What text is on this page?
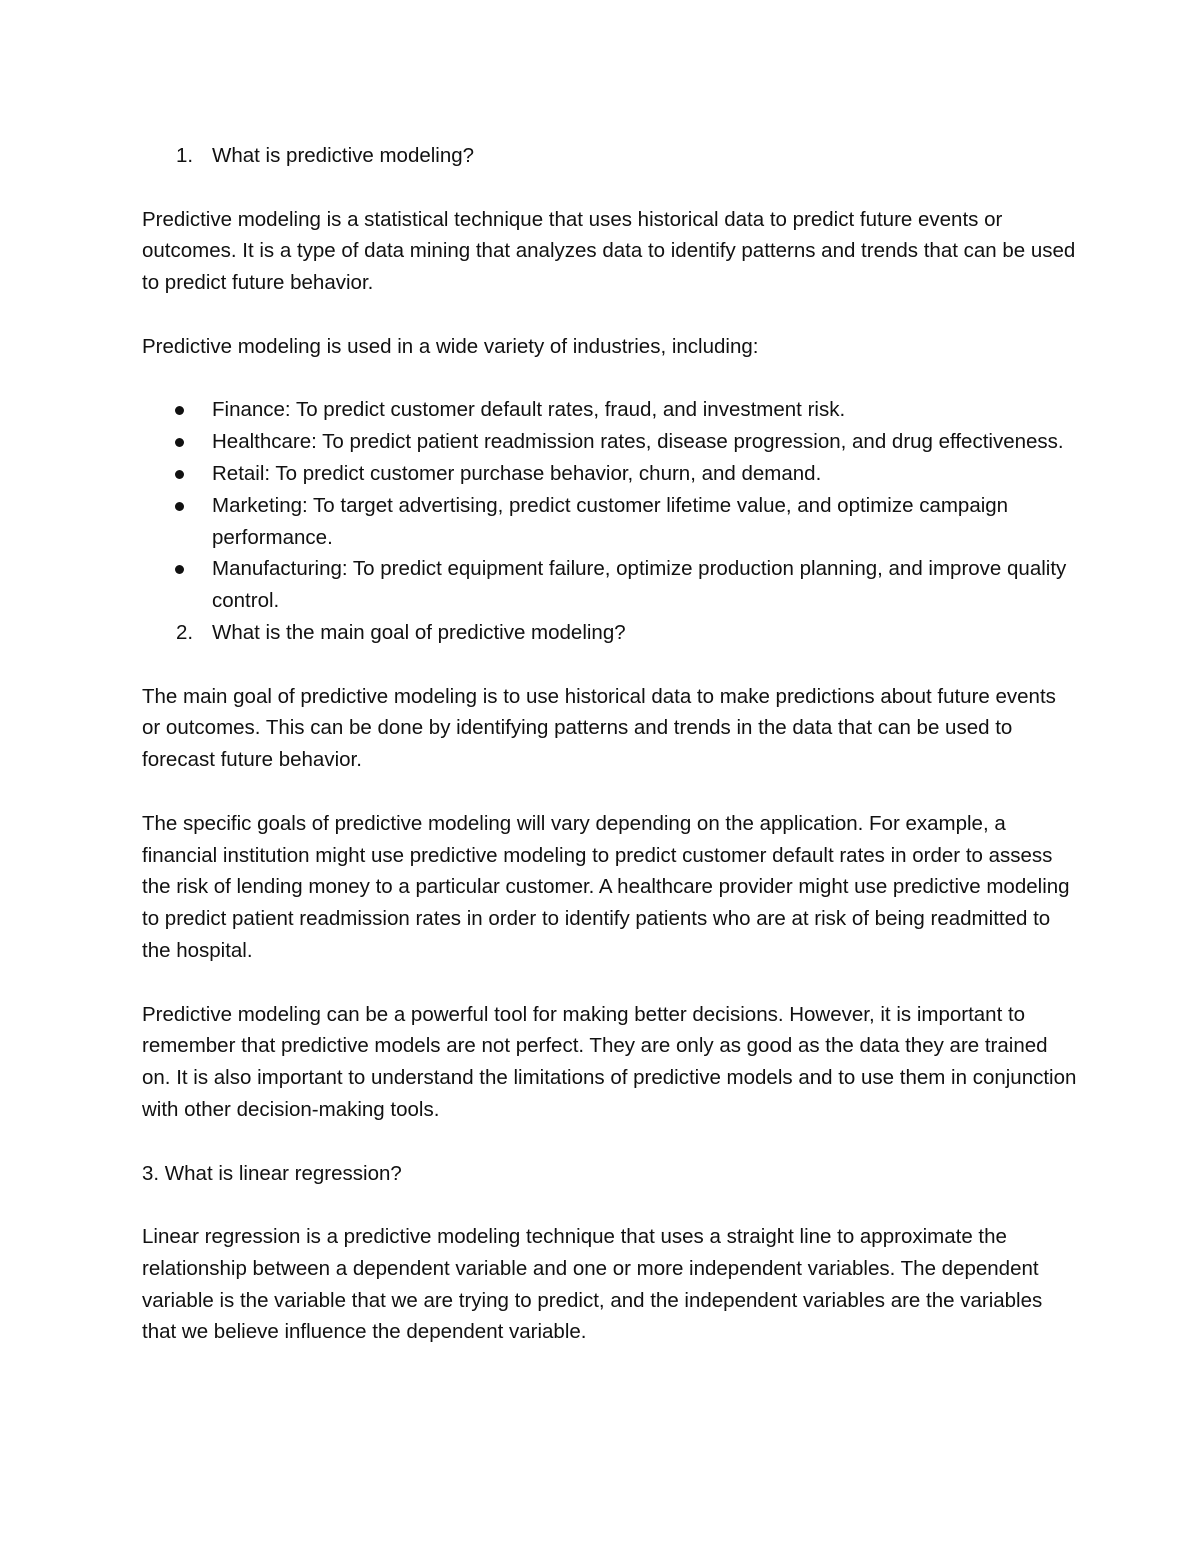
1. What is predictive modeling?

Predictive modeling is a statistical technique that uses historical data to predict future events or outcomes. It is a type of data mining that analyzes data to identify patterns and trends that can be used to predict future behavior.

Predictive modeling is used in a wide variety of industries, including:

Finance: To predict customer default rates, fraud, and investment risk.
Healthcare: To predict patient readmission rates, disease progression, and drug effectiveness.
Retail: To predict customer purchase behavior, churn, and demand.
Marketing: To target advertising, predict customer lifetime value, and optimize campaign performance.
Manufacturing: To predict equipment failure, optimize production planning, and improve quality control.
2. What is the main goal of predictive modeling?

The main goal of predictive modeling is to use historical data to make predictions about future events or outcomes. This can be done by identifying patterns and trends in the data that can be used to forecast future behavior.

The specific goals of predictive modeling will vary depending on the application. For example, a financial institution might use predictive modeling to predict customer default rates in order to assess the risk of lending money to a particular customer. A healthcare provider might use predictive modeling to predict patient readmission rates in order to identify patients who are at risk of being readmitted to the hospital.

Predictive modeling can be a powerful tool for making better decisions. However, it is important to remember that predictive models are not perfect. They are only as good as the data they are trained on. It is also important to understand the limitations of predictive models and to use them in conjunction with other decision-making tools.

3. What is linear regression?

Linear regression is a predictive modeling technique that uses a straight line to approximate the relationship between a dependent variable and one or more independent variables. The dependent variable is the variable that we are trying to predict, and the independent variables are the variables that we believe influence the dependent variable.
